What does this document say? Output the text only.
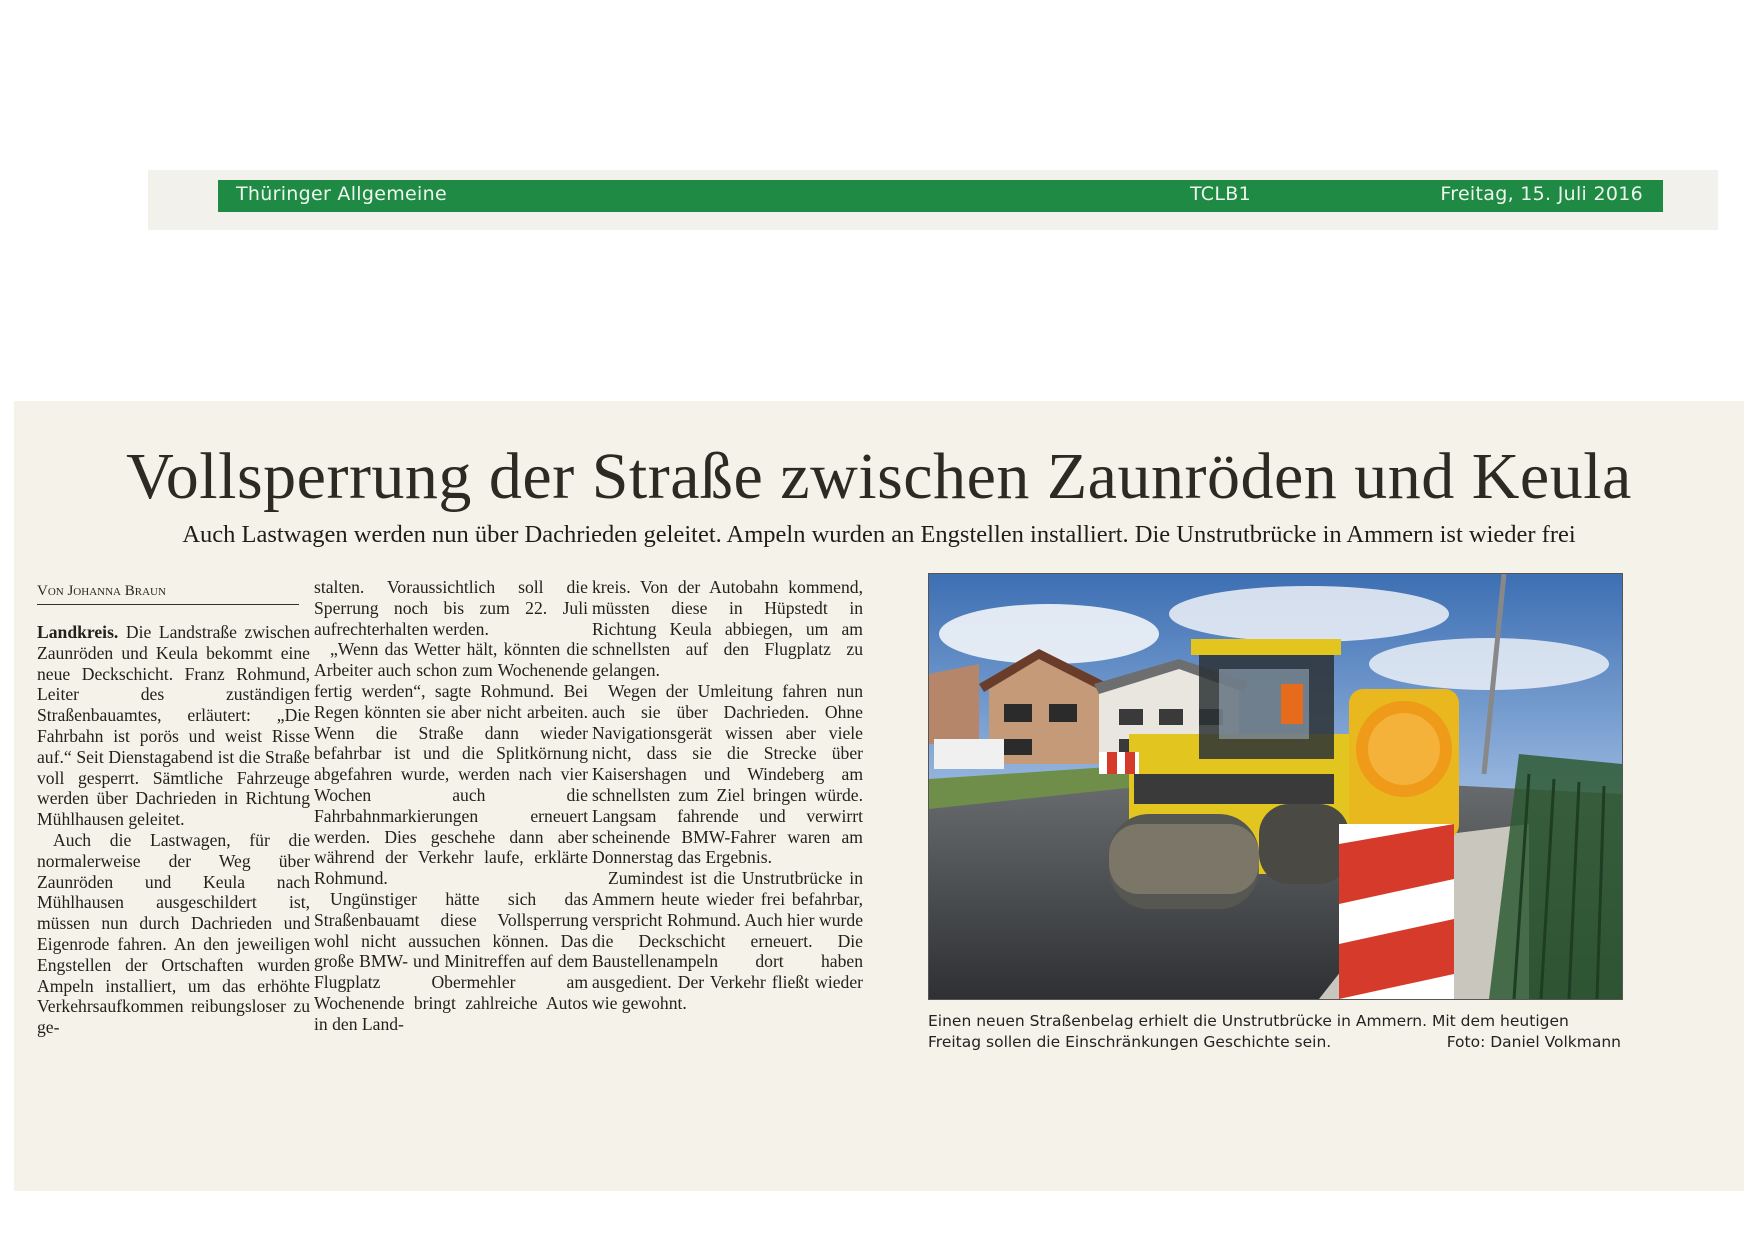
Thüringer Allgemeine	TCLB1	Freitag, 15. Juli 2016
Vollsperrung der Straße zwischen Zaunröden und Keula

Auch Lastwagen werden nun über Dachrieden geleitet. Ampeln wurden an Engstellen installiert. Die Unstrutbrücke in Ammern ist wieder frei

Von Johanna Braun

Landkreis. Die Landstraße zwischen Zaunröden und Keula bekommt eine neue Deckschicht. Franz Rohmund, Leiter des zuständigen Straßenbauamtes, erläutert: „Die Fahrbahn ist porös und weist Risse auf.“ Seit Dienstagabend ist die Straße voll gesperrt. Sämtliche Fahrzeuge werden über Dachrieden in Richtung Mühlhausen geleitet.

Auch die Lastwagen, für die normalerweise der Weg über Zaunröden und Keula nach Mühlhausen ausgeschildert ist, müssen nun durch Dachrieden und Eigenrode fahren. An den jeweiligen Engstellen der Ortschaften wurden Ampeln installiert, um das erhöhte Verkehrsaufkommen reibungsloser zu ge-

stalten. Voraussichtlich soll die Sperrung noch bis zum 22. Juli aufrechterhalten werden.

„Wenn das Wetter hält, könnten die Arbeiter auch schon zum Wochenende fertig werden“, sagte Rohmund. Bei Regen könnten sie aber nicht arbeiten. Wenn die Straße dann wieder befahrbar ist und die Splitkörnung abgefahren wurde, werden nach vier Wochen auch die Fahrbahnmarkierungen erneuert werden. Dies geschehe dann aber während der Verkehr laufe, erklärte Rohmund.

Ungünstiger hätte sich das Straßenbauamt diese Vollsperrung wohl nicht aussuchen können. Das große BMW- und Minitreffen auf dem Flugplatz Obermehler am Wochenende bringt zahlreiche Autos in den Land-

kreis. Von der Autobahn kommend, müssten diese in Hüpstedt in Richtung Keula abbiegen, um am schnellsten auf den Flugplatz zu gelangen.

Wegen der Umleitung fahren nun auch sie über Dachrieden. Ohne Navigationsgerät wissen aber viele nicht, dass sie die Strecke über Kaisershagen und Windeberg am schnellsten zum Ziel bringen würde. Langsam fahrende und verwirrt scheinende BMW-Fahrer waren am Donnerstag das Ergebnis.

Zumindest ist die Unstrutbrücke in Ammern heute wieder frei befahrbar, verspricht Rohmund. Auch hier wurde die Deckschicht erneuert. Die Baustellenampeln dort haben ausgedient. Der Verkehr fließt wieder wie gewohnt.

Einen neuen Straßenbelag erhielt die Unstrutbrücke in Ammern. Mit dem heutigen Freitag sollen die Einschränkungen Geschichte sein.	Foto: Daniel Volkmann
